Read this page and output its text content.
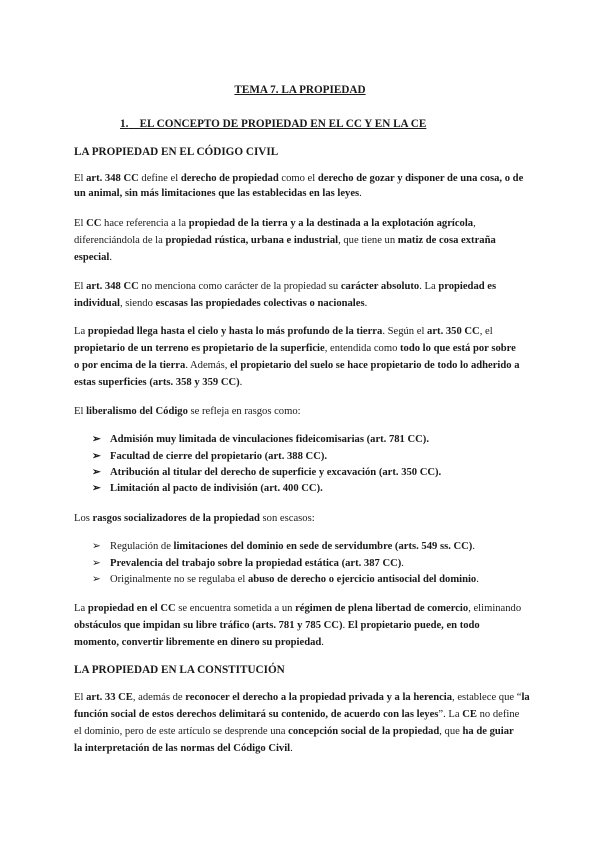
TEMA 7. LA PROPIEDAD
1. EL CONCEPTO DE PROPIEDAD EN EL CC Y EN LA CE
LA PROPIEDAD EN EL CÓDIGO CIVIL
El art. 348 CC define el derecho de propiedad como el derecho de gozar y disponer de una cosa, o de
un animal, sin más limitaciones que las establecidas en las leyes.
El CC hace referencia a la propiedad de la tierra y a la destinada a la explotación agrícola,
diferenciándola de la propiedad rústica, urbana e industrial, que tiene un matiz de cosa extraña
especial.
El art. 348 CC no menciona como carácter de la propiedad su carácter absoluto. La propiedad es
individual, siendo escasas las propiedades colectivas o nacionales.
La propiedad llega hasta el cielo y hasta lo más profundo de la tierra. Según el art. 350 CC, el
propietario de un terreno es propietario de la superficie, entendida como todo lo que está por sobre
o por encima de la tierra. Además, el propietario del suelo se hace propietario de todo lo adherido a
estas superficies (arts. 358 y 359 CC).
El liberalismo del Código se refleja en rasgos como:
➢ Admisión muy limitada de vinculaciones fideicomisarias (art. 781 CC).
➢ Facultad de cierre del propietario (art. 388 CC).
➢ Atribución al titular del derecho de superficie y excavación (art. 350 CC).
➢ Limitación al pacto de indivisión (art. 400 CC).
Los rasgos socializadores de la propiedad son escasos:
➢ Regulación de limitaciones del dominio en sede de servidumbre (arts. 549 ss. CC).
➢ Prevalencia del trabajo sobre la propiedad estática (art. 387 CC).
➢ Originalmente no se regulaba el abuso de derecho o ejercicio antisocial del dominio.
La propiedad en el CC se encuentra sometida a un régimen de plena libertad de comercio, eliminando
obstáculos que impidan su libre tráfico (arts. 781 y 785 CC). El propietario puede, en todo
momento, convertir libremente en dinero su propiedad.
LA PROPIEDAD EN LA CONSTITUCIÓN
El art. 33 CE, además de reconocer el derecho a la propiedad privada y a la herencia, establece que “la
función social de estos derechos delimitará su contenido, de acuerdo con las leyes”. La CE no define
el dominio, pero de este artículo se desprende una concepción social de la propiedad, que ha de guiar
la interpretación de las normas del Código Civil.
